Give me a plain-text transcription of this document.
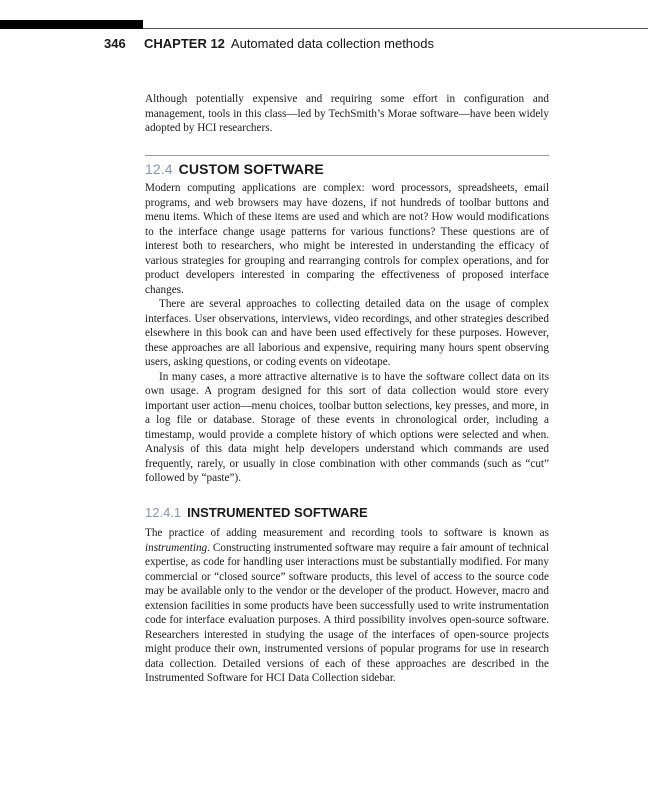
346 CHAPTER 12 Automated data collection methods

Although potentially expensive and requiring some effort in configuration and management, tools in this class—led by TechSmith’s Morae software—have been widely adopted by HCI researchers.

12.4 CUSTOM SOFTWARE

Modern computing applications are complex: word processors, spreadsheets, email programs, and web browsers may have dozens, if not hundreds of toolbar buttons and menu items. Which of these items are used and which are not? How would modifications to the interface change usage patterns for various functions? These questions are of interest both to researchers, who might be interested in understanding the efficacy of various strategies for grouping and rearranging controls for complex operations, and for product developers interested in comparing the effectiveness of proposed interface changes.

There are several approaches to collecting detailed data on the usage of complex interfaces. User observations, interviews, video recordings, and other strategies described elsewhere in this book can and have been used effectively for these purposes. However, these approaches are all laborious and expensive, requiring many hours spent observing users, asking questions, or coding events on videotape.

In many cases, a more attractive alternative is to have the software collect data on its own usage. A program designed for this sort of data collection would store every important user action—menu choices, toolbar button selections, key presses, and more, in a log file or database. Storage of these events in chronological order, including a timestamp, would provide a complete history of which options were selected and when. Analysis of this data might help developers understand which commands are used frequently, rarely, or usually in close combination with other commands (such as “cut” followed by “paste”).

12.4.1 INSTRUMENTED SOFTWARE

The practice of adding measurement and recording tools to software is known as instrumenting. Constructing instrumented software may require a fair amount of technical expertise, as code for handling user interactions must be substantially modified. For many commercial or “closed source” software products, this level of access to the source code may be available only to the vendor or the developer of the product. However, macro and extension facilities in some products have been successfully used to write instrumentation code for interface evaluation purposes. A third possibility involves open-source software. Researchers interested in studying the usage of the interfaces of open-source projects might produce their own, instrumented versions of popular programs for use in research data collection. Detailed versions of each of these approaches are described in the Instrumented Software for HCI Data Collection sidebar.
